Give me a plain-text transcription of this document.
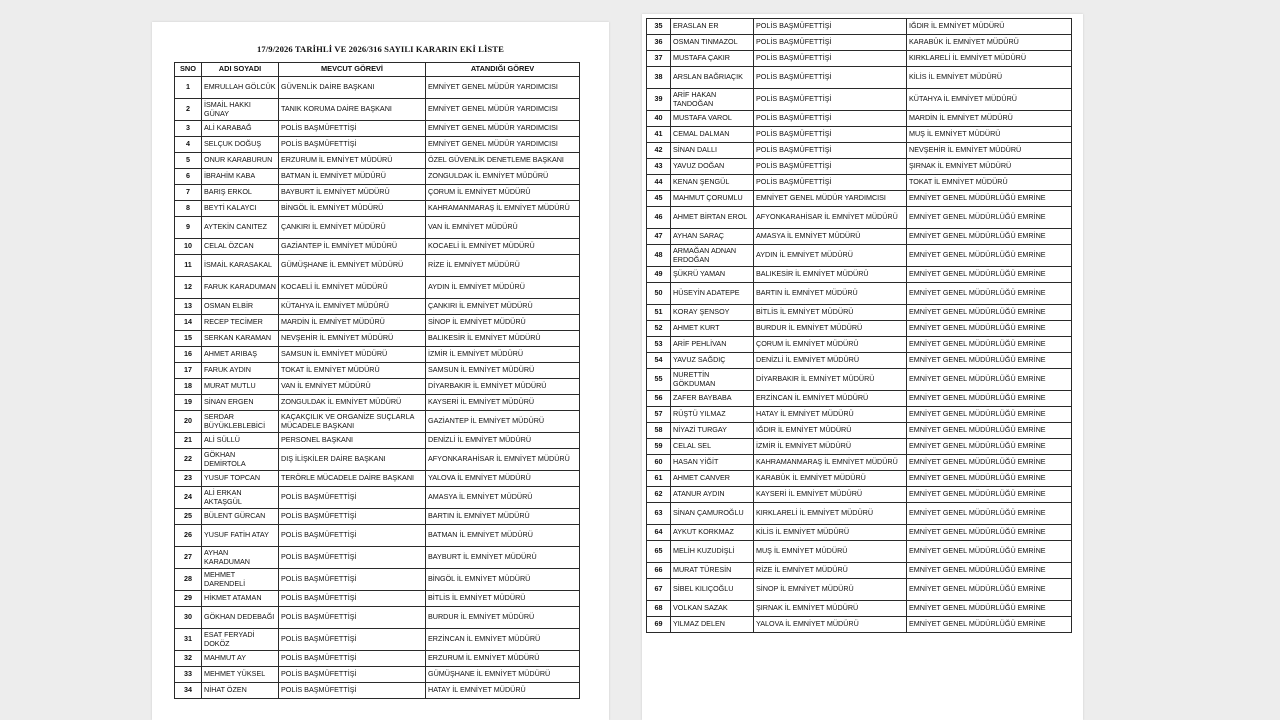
17/9/2026 TARİHLİ VE 2026/316 SAYILI KARARIN EKİ LİSTE
SNO	ADI SOYADI	MEVCUT GÖREVİ	ATANDIĞI GÖREV
1	EMRULLAH GÖLCÜK	GÜVENLİK DAİRE BAŞKANI	EMNİYET GENEL MÜDÜR YARDIMCISI
2	İSMAİL HAKKI GÜNAY	TANIK KORUMA DAİRE BAŞKANI	EMNİYET GENEL MÜDÜR YARDIMCISI
3	ALİ KARABAĞ	POLİS BAŞMÜFETTİŞİ	EMNİYET GENEL MÜDÜR YARDIMCISI
4	SELÇUK DOĞUŞ	POLİS BAŞMÜFETTİŞİ	EMNİYET GENEL MÜDÜR YARDIMCISI
5	ONUR KARABURUN	ERZURUM İL EMNİYET MÜDÜRÜ	ÖZEL GÜVENLİK DENETLEME BAŞKANI
6	İBRAHİM KABA	BATMAN İL EMNİYET MÜDÜRÜ	ZONGULDAK İL EMNİYET MÜDÜRÜ
7	BARIŞ ERKOL	BAYBURT İL EMNİYET MÜDÜRÜ	ÇORUM İL EMNİYET MÜDÜRÜ
8	BEYTİ KALAYCI	BİNGÖL İL EMNİYET MÜDÜRÜ	KAHRAMANMARAŞ İL EMNİYET MÜDÜRÜ
9	AYTEKİN CANITEZ	ÇANKIRI İL EMNİYET MÜDÜRÜ	VAN İL EMNİYET MÜDÜRÜ
10	CELAL ÖZCAN	GAZİANTEP İL EMNİYET MÜDÜRÜ	KOCAELİ İL EMNİYET MÜDÜRÜ
11	İSMAİL KARASAKAL	GÜMÜŞHANE İL EMNİYET MÜDÜRÜ	RİZE İL EMNİYET MÜDÜRÜ
12	FARUK KARADUMAN	KOCAELİ İL EMNİYET MÜDÜRÜ	AYDIN İL EMNİYET MÜDÜRÜ
13	OSMAN ELBİR	KÜTAHYA İL EMNİYET MÜDÜRÜ	ÇANKIRI İL EMNİYET MÜDÜRÜ
14	RECEP TECİMER	MARDİN İL EMNİYET MÜDÜRÜ	SİNOP İL EMNİYET MÜDÜRÜ
15	SERKAN KARAMAN	NEVŞEHİR İL EMNİYET MÜDÜRÜ	BALIKESİR İL EMNİYET MÜDÜRÜ
16	AHMET ARIBAŞ	SAMSUN İL EMNİYET MÜDÜRÜ	İZMİR İL EMNİYET MÜDÜRÜ
17	FARUK AYDIN	TOKAT İL EMNİYET MÜDÜRÜ	SAMSUN İL EMNİYET MÜDÜRÜ
18	MURAT MUTLU	VAN İL EMNİYET MÜDÜRÜ	DİYARBAKIR İL EMNİYET MÜDÜRÜ
19	SİNAN ERGEN	ZONGULDAK İL EMNİYET MÜDÜRÜ	KAYSERİ İL EMNİYET MÜDÜRÜ
20	SERDAR BÜYÜKLEBLEBİCİ	KAÇAKÇILIK VE ORGANİZE SUÇLARLA MÜCADELE BAŞKANI	GAZİANTEP İL EMNİYET MÜDÜRÜ
21	ALİ SÜLLÜ	PERSONEL BAŞKANI	DENİZLİ İL EMNİYET MÜDÜRÜ
22	GÖKHAN DEMİRTOLA	DIŞ İLİŞKİLER DAİRE BAŞKANI	AFYONKARAHİSAR İL EMNİYET MÜDÜRÜ
23	YUSUF TOPCAN	TERÖRLE MÜCADELE DAİRE BAŞKANI	YALOVA İL EMNİYET MÜDÜRÜ
24	ALİ ERKAN AKTAŞGÜL	POLİS BAŞMÜFETTİŞİ	AMASYA İL EMNİYET MÜDÜRÜ
25	BÜLENT GÜRCAN	POLİS BAŞMÜFETTİŞİ	BARTIN İL EMNİYET MÜDÜRÜ
26	YUSUF FATİH ATAY	POLİS BAŞMÜFETTİŞİ	BATMAN İL EMNİYET MÜDÜRÜ
27	AYHAN KARADUMAN	POLİS BAŞMÜFETTİŞİ	BAYBURT İL EMNİYET MÜDÜRÜ
28	MEHMET DARENDELİ	POLİS BAŞMÜFETTİŞİ	BİNGÖL İL EMNİYET MÜDÜRÜ
29	HİKMET ATAMAN	POLİS BAŞMÜFETTİŞİ	BİTLİS İL EMNİYET MÜDÜRÜ
30	GÖKHAN DEDEBAĞI	POLİS BAŞMÜFETTİŞİ	BURDUR İL EMNİYET MÜDÜRÜ
31	ESAT FERYADİ DOKÖZ	POLİS BAŞMÜFETTİŞİ	ERZİNCAN İL EMNİYET MÜDÜRÜ
32	MAHMUT AY	POLİS BAŞMÜFETTİŞİ	ERZURUM İL EMNİYET MÜDÜRÜ
33	MEHMET YÜKSEL	POLİS BAŞMÜFETTİŞİ	GÜMÜŞHANE İL EMNİYET MÜDÜRÜ
34	NİHAT ÖZEN	POLİS BAŞMÜFETTİŞİ	HATAY İL EMNİYET MÜDÜRÜ
35	ERASLAN ER	POLİS BAŞMÜFETTİŞİ	IĞDIR İL EMNİYET MÜDÜRÜ
36	OSMAN TINMAZOL	POLİS BAŞMÜFETTİŞİ	KARABÜK İL EMNİYET MÜDÜRÜ
37	MUSTAFA ÇAKIR	POLİS BAŞMÜFETTİŞİ	KIRKLARELİ İL EMNİYET MÜDÜRÜ
38	ARSLAN BAĞRIAÇIK	POLİS BAŞMÜFETTİŞİ	KİLİS İL EMNİYET MÜDÜRÜ
39	ARİF HAKAN TANDOĞAN	POLİS BAŞMÜFETTİŞİ	KÜTAHYA İL EMNİYET MÜDÜRÜ
40	MUSTAFA VAROL	POLİS BAŞMÜFETTİŞİ	MARDİN İL EMNİYET MÜDÜRÜ
41	CEMAL DALMAN	POLİS BAŞMÜFETTİŞİ	MUŞ İL EMNİYET MÜDÜRÜ
42	SİNAN DALLI	POLİS BAŞMÜFETTİŞİ	NEVŞEHİR İL EMNİYET MÜDÜRÜ
43	YAVUZ DOĞAN	POLİS BAŞMÜFETTİŞİ	ŞIRNAK İL EMNİYET MÜDÜRÜ
44	KENAN ŞENGÜL	POLİS BAŞMÜFETTİŞİ	TOKAT İL EMNİYET MÜDÜRÜ
45	MAHMUT ÇORUMLU	EMNİYET GENEL MÜDÜR YARDIMCISI	EMNİYET GENEL MÜDÜRLÜĞÜ EMRİNE
46	AHMET BİRTAN EROL	AFYONKARAHİSAR İL EMNİYET MÜDÜRÜ	EMNİYET GENEL MÜDÜRLÜĞÜ EMRİNE
47	AYHAN SARAÇ	AMASYA İL EMNİYET MÜDÜRÜ	EMNİYET GENEL MÜDÜRLÜĞÜ EMRİNE
48	ARMAĞAN ADNAN ERDOĞAN	AYDIN İL EMNİYET MÜDÜRÜ	EMNİYET GENEL MÜDÜRLÜĞÜ EMRİNE
49	ŞÜKRÜ YAMAN	BALIKESİR İL EMNİYET MÜDÜRÜ	EMNİYET GENEL MÜDÜRLÜĞÜ EMRİNE
50	HÜSEYİN ADATEPE	BARTIN İL EMNİYET MÜDÜRÜ	EMNİYET GENEL MÜDÜRLÜĞÜ EMRİNE
51	KORAY ŞENSOY	BİTLİS İL EMNİYET MÜDÜRÜ	EMNİYET GENEL MÜDÜRLÜĞÜ EMRİNE
52	AHMET KURT	BURDUR İL EMNİYET MÜDÜRÜ	EMNİYET GENEL MÜDÜRLÜĞÜ EMRİNE
53	ARİF PEHLİVAN	ÇORUM İL EMNİYET MÜDÜRÜ	EMNİYET GENEL MÜDÜRLÜĞÜ EMRİNE
54	YAVUZ SAĞDIÇ	DENİZLİ İL EMNİYET MÜDÜRÜ	EMNİYET GENEL MÜDÜRLÜĞÜ EMRİNE
55	NURETTİN GÖKDUMAN	DİYARBAKIR İL EMNİYET MÜDÜRÜ	EMNİYET GENEL MÜDÜRLÜĞÜ EMRİNE
56	ZAFER BAYBABA	ERZİNCAN İL EMNİYET MÜDÜRÜ	EMNİYET GENEL MÜDÜRLÜĞÜ EMRİNE
57	RÜŞTÜ YILMAZ	HATAY İL EMNİYET MÜDÜRÜ	EMNİYET GENEL MÜDÜRLÜĞÜ EMRİNE
58	NİYAZİ TURGAY	IĞDIR İL EMNİYET MÜDÜRÜ	EMNİYET GENEL MÜDÜRLÜĞÜ EMRİNE
59	CELAL SEL	İZMİR İL EMNİYET MÜDÜRÜ	EMNİYET GENEL MÜDÜRLÜĞÜ EMRİNE
60	HASAN YİĞİT	KAHRAMANMARAŞ İL EMNİYET MÜDÜRÜ	EMNİYET GENEL MÜDÜRLÜĞÜ EMRİNE
61	AHMET CANVER	KARABÜK İL EMNİYET MÜDÜRÜ	EMNİYET GENEL MÜDÜRLÜĞÜ EMRİNE
62	ATANUR AYDIN	KAYSERİ İL EMNİYET MÜDÜRÜ	EMNİYET GENEL MÜDÜRLÜĞÜ EMRİNE
63	SİNAN ÇAMUROĞLU	KIRKLARELİ İL EMNİYET MÜDÜRÜ	EMNİYET GENEL MÜDÜRLÜĞÜ EMRİNE
64	AYKUT KORKMAZ	KİLİS İL EMNİYET MÜDÜRÜ	EMNİYET GENEL MÜDÜRLÜĞÜ EMRİNE
65	MELİH KUZUDİŞLİ	MUŞ İL EMNİYET MÜDÜRÜ	EMNİYET GENEL MÜDÜRLÜĞÜ EMRİNE
66	MURAT TÜRESİN	RİZE İL EMNİYET MÜDÜRÜ	EMNİYET GENEL MÜDÜRLÜĞÜ EMRİNE
67	SİBEL KILIÇOĞLU	SİNOP İL EMNİYET MÜDÜRÜ	EMNİYET GENEL MÜDÜRLÜĞÜ EMRİNE
68	VOLKAN SAZAK	ŞIRNAK İL EMNİYET MÜDÜRÜ	EMNİYET GENEL MÜDÜRLÜĞÜ EMRİNE
69	YILMAZ DELEN	YALOVA İL EMNİYET MÜDÜRÜ	EMNİYET GENEL MÜDÜRLÜĞÜ EMRİNE
